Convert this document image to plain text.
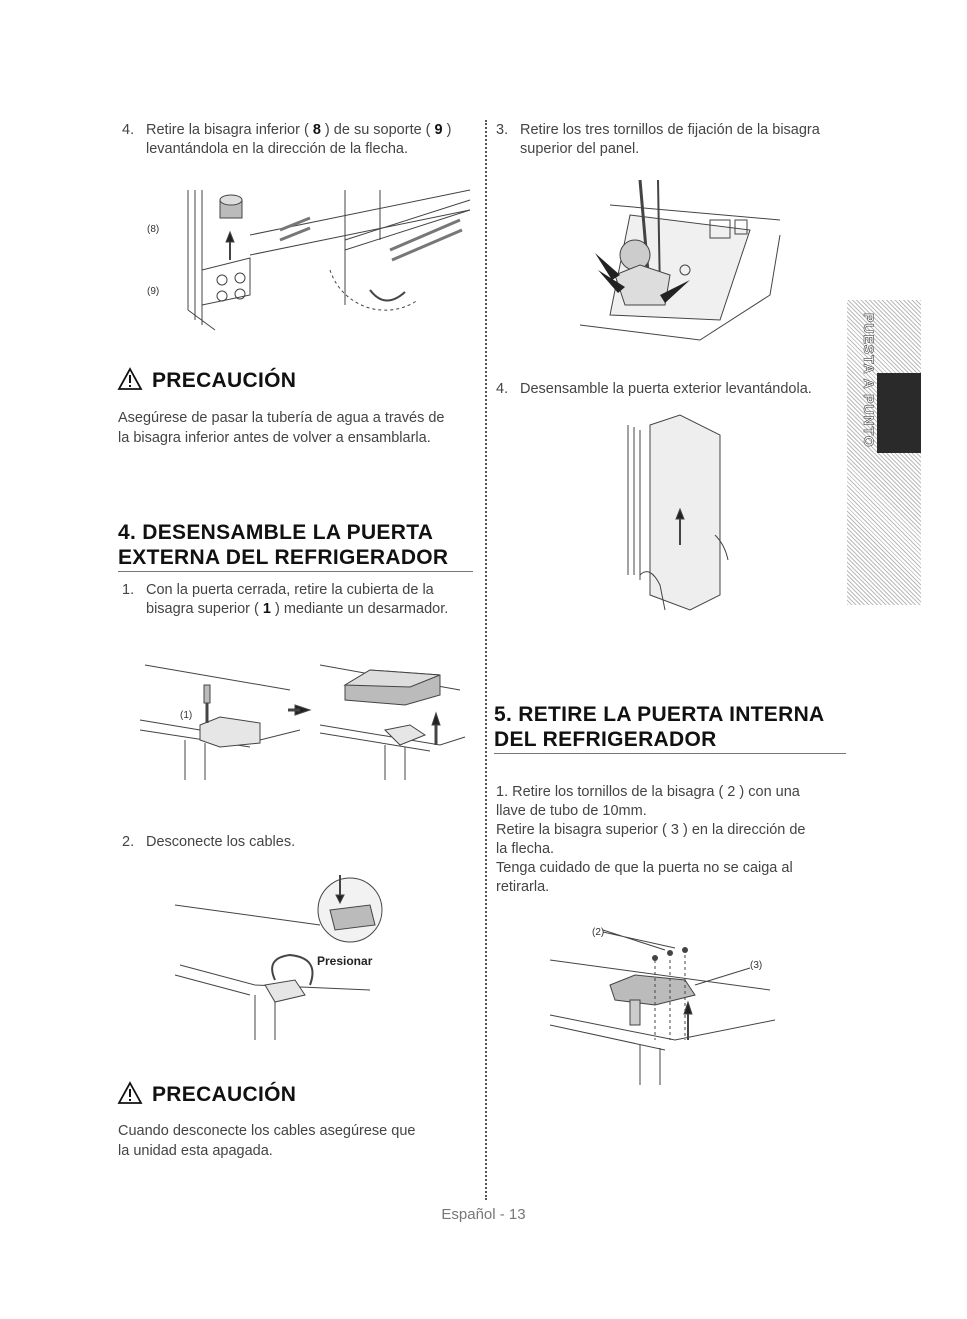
4. Retire la bisagra inferior ( 8 ) de su soporte ( 9 )
levantándola en la dirección de la flecha.
(8)
(9)
PRECAUCIÓN
Asegúrese de pasar la tubería de agua a través de
la bisagra inferior antes de volver a ensamblarla.
4. DESENSAMBLE LA PUERTA
EXTERNA DEL REFRIGERADOR
1. Con la puerta cerrada, retire la cubierta de la
bisagra superior ( 1 ) mediante un desarmador.
(1)
2. Desconecte los cables.
Presionar
PRECAUCIÓN
Cuando desconecte los cables asegúrese que
la unidad esta apagada.
3. Retire los tres tornillos de fijación de la bisagra
superior del panel.
4. Desensamble la puerta exterior levantándola.
5. RETIRE LA PUERTA INTERNA
DEL REFRIGERADOR
1. Retire los tornillos de la bisagra ( 2 ) con una
llave de tubo de 10mm.
Retire la bisagra superior ( 3 ) en la dirección de
la flecha.
Tenga cuidado de que la puerta no se caiga al
retirarla.
(2)
(3)
PUESTA A PUNTO
Español - 13
